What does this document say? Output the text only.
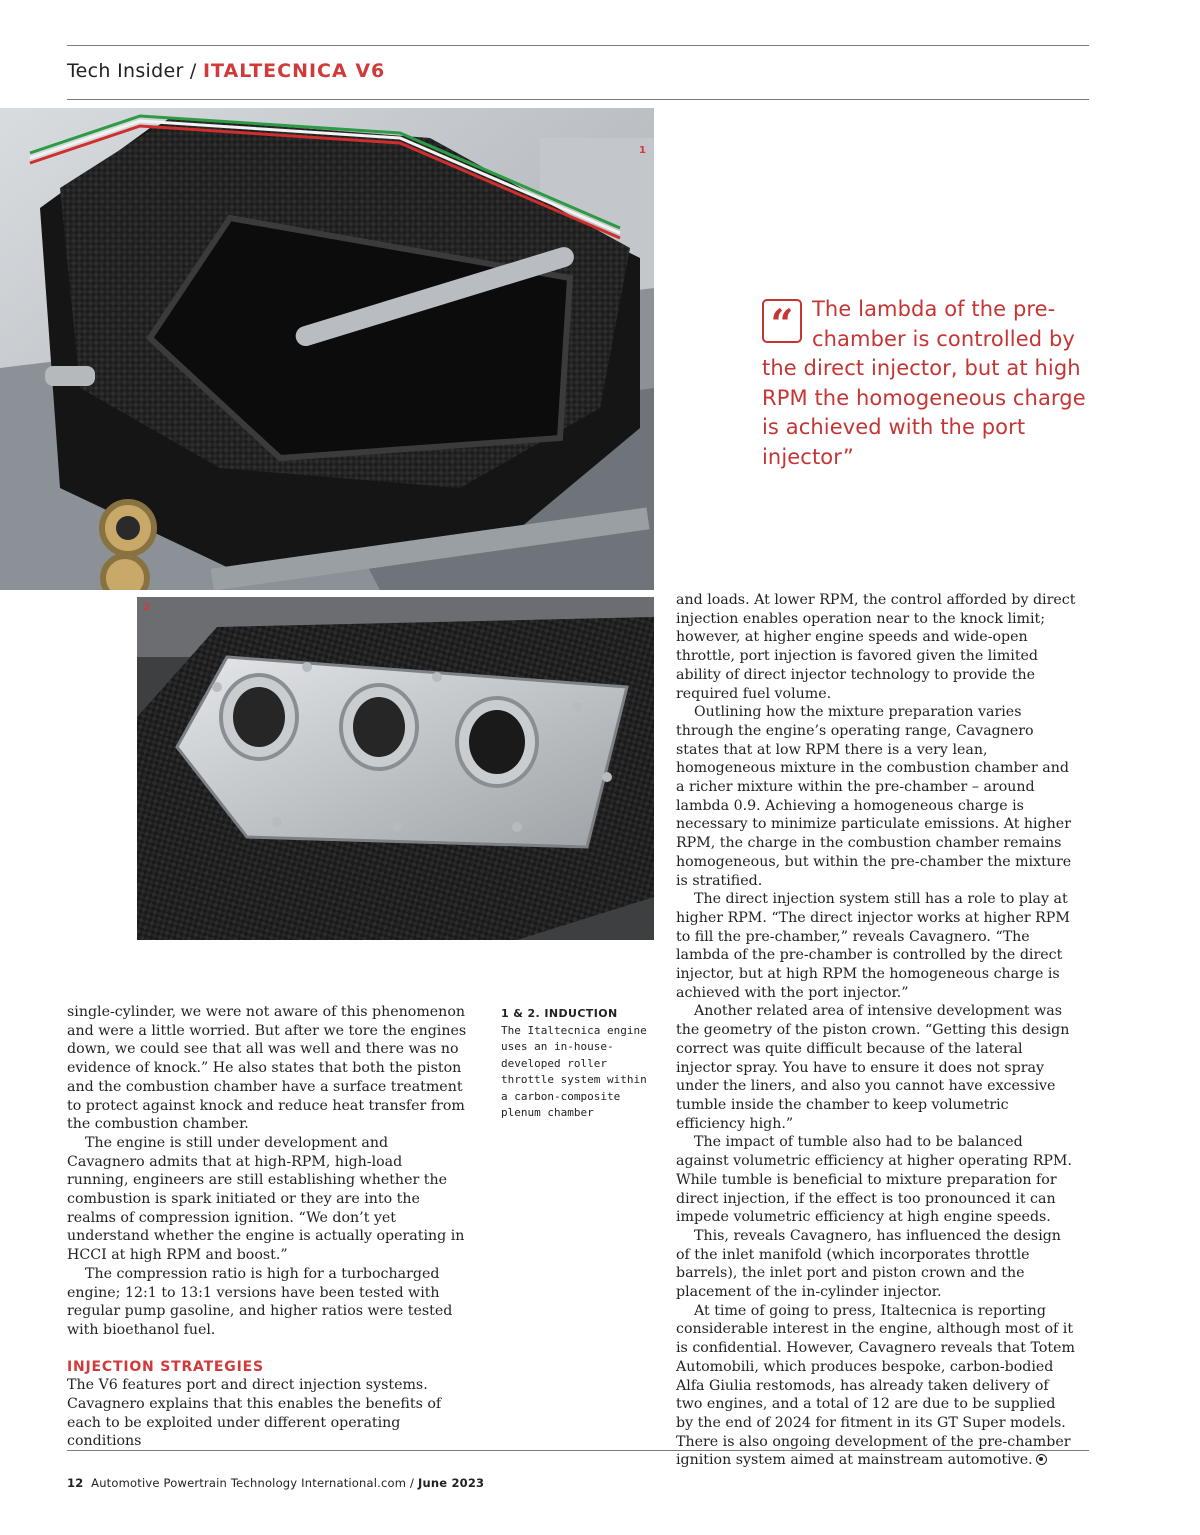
Tech Insider / ITALTECNICA V6
1
“ The lambda of the pre-chamber is controlled by the direct injector, but at high RPM the homogeneous charge is achieved with the port injector”
2
1 & 2. INDUCTION
The Italtecnica engine uses an in-house-developed roller throttle system within a carbon-composite plenum chamber

single-cylinder, we were not aware of this phenomenon and were a little worried. But after we tore the engines down, we could see that all was well and there was no evidence of knock.” He also states that both the piston and the combustion chamber have a surface treatment to protect against knock and reduce heat transfer from the combustion chamber.

The engine is still under development and Cavagnero admits that at high-RPM, high-load running, engineers are still establishing whether the combustion is spark initiated or they are into the realms of compression ignition. “We don’t yet understand whether the engine is actually operating in HCCI at high RPM and boost.”

The compression ratio is high for a turbocharged engine; 12:1 to 13:1 versions have been tested with regular pump gasoline, and higher ratios were tested with bioethanol fuel.

INJECTION STRATEGIES

The V6 features port and direct injection systems. Cavagnero explains that this enables the benefits of each to be exploited under different operating conditions

and loads. At lower RPM, the control afforded by direct injection enables operation near to the knock limit; however, at higher engine speeds and wide-open throttle, port injection is favored given the limited ability of direct injector technology to provide the required fuel volume.

Outlining how the mixture preparation varies through the engine’s operating range, Cavagnero states that at low RPM there is a very lean, homogeneous mixture in the combustion chamber and a richer mixture within the pre-chamber – around lambda 0.9. Achieving a homogeneous charge is necessary to minimize particulate emissions. At higher RPM, the charge in the combustion chamber remains homogeneous, but within the pre-chamber the mixture is stratified.

The direct injection system still has a role to play at higher RPM. “The direct injector works at higher RPM to fill the pre-chamber,” reveals Cavagnero. “The lambda of the pre-chamber is controlled by the direct injector, but at high RPM the homogeneous charge is achieved with the port injector.”

Another related area of intensive development was the geometry of the piston crown. “Getting this design correct was quite difficult because of the lateral injector spray. You have to ensure it does not spray under the liners, and also you cannot have excessive tumble inside the chamber to keep volumetric efficiency high.”

The impact of tumble also had to be balanced against volumetric efficiency at higher operating RPM. While tumble is beneficial to mixture preparation for direct injection, if the effect is too pronounced it can impede volumetric efficiency at high engine speeds.

This, reveals Cavagnero, has influenced the design of the inlet manifold (which incorporates throttle barrels), the inlet port and piston crown and the placement of the in-cylinder injector.

At time of going to press, Italtecnica is reporting considerable interest in the engine, although most of it is confidential. However, Cavagnero reveals that Totem Automobili, which produces bespoke, carbon-bodied Alfa Giulia restomods, has already taken delivery of two engines, and a total of 12 are due to be supplied by the end of 2024 for fitment in its GT Super models. There is also ongoing development of the pre-chamber ignition system aimed at mainstream automotive.

12 Automotive Powertrain Technology International.com / June 2023
